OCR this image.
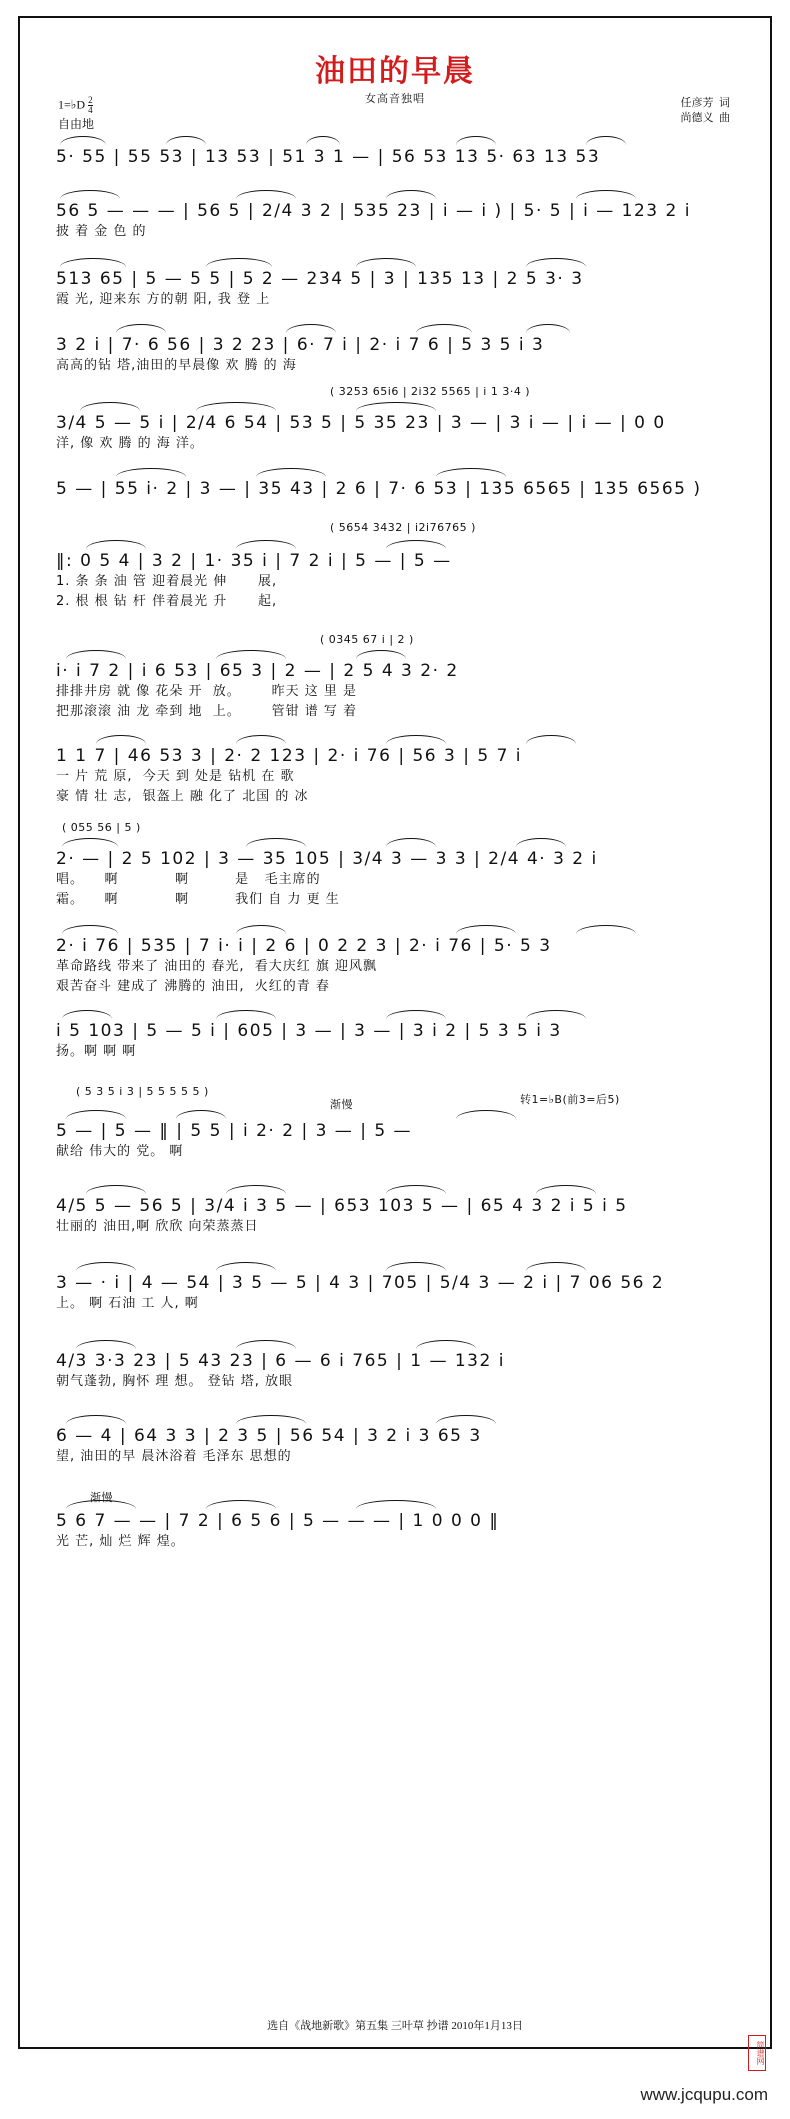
油田的早晨
女高音独唱
1=♭D $\frac{2}{4}$
自由地
任彦芳 词
尚德义 曲
5· 55 | 55 53 | 13 53 | 51 3 1 — | 56 53 13 5· 63 13 53
56 5 — — — | 56 5 | 2/4 3 2 | 535 23 | i — i ) | 5· 5 | i — 123 2 i
披 着 金 色 的
513 65 | 5 — 5 5 | 5 2 — 234 5 | 3 | 135 13 | 2 5 3· 3
霞 光, 迎来东 方的朝 阳, 我 登 上
3 2 i | 7· 6 56 | 3 2 23 | 6· 7 i | 2· i 7 6 | 5 3 5 i 3
高高的钻 塔,油田的早晨像 欢 腾 的 海
( 3253 65i6 | 2i32 5565 | i 1 3·4 )
3/4 5 — 5 i | 2/4 6 54 | 53 5 | 5 35 23 | 3 — | 3 i — | i — | 0 0
洋, 像 欢 腾 的 海 洋。
5 — | 55 i· 2 | 3 — | 35 43 | 2 6 | 7· 6 53 | 135 6565 | 135 6565 )
( 5654 3432 | i2i76765 )
‖: 0 5 4 | 3 2 | 1· 35 i | 7 2 i | 5 — | 5 —
1. 条 条 油 管 迎着晨光 伸      展,
2. 根 根 钻 杆 伴着晨光 升      起,
( 0345 67 i | 2 )
i· i 7 2 | i 6 53 | 65 3 | 2 — | 2 5 4 3 2· 2
排排井房 就 像 花朵 开  放。      昨天 这 里 是
把那滚滚 油 龙 牵到 地  上。      管钳 谱 写 着
1 1 7 | 46 53 3 | 2· 2 123 | 2· i 76 | 56 3 | 5 7 i
一 片 荒 原,  今天 到 处是 钻机 在 歌
豪 情 壮 志,  银盔上 融 化了 北国 的 冰
( 055 56 | 5 )
2· — | 2 5 102 | 3 — 35 105 | 3/4 3 — 3 3 | 2/4 4· 3 2 i
唱。    啊           啊         是   毛主席的
霜。    啊           啊         我们 自 力 更 生
2· i 76 | 535 | 7 i· i | 2 6 | 0 2 2 3 | 2· i 76 | 5· 5 3
革命路线 带来了 油田的 春光,  看大庆红 旗 迎风飘
艰苦奋斗 建成了 沸腾的 油田,  火红的青 春
i 5 103 | 5 — 5 i | 605 | 3 — | 3 — | 3 i 2 | 5 3 5 i 3
扬。啊 啊 啊
( 5 3 5 i 3 | 5 5 5 5 5 )
渐慢	转1=♭B(前3=后5)
5 — | 5 — ‖ | 5 5 | i 2· 2 | 3 — | 5 —
献给 伟大的 党。 啊
4/5 5 — 56 5 | 3/4 i 3 5 — | 653 103 5 — | 65 4 3 2 i 5 i 5
壮丽的 油田,啊 欣欣 向荣蒸蒸日
3 — · i | 4 — 54 | 3 5 — 5 | 4 3 | 705 | 5/4 3 — 2 i | 7 06 56 2
上。 啊 石油 工 人, 啊
4/3 3·3 23 | 5 43 23 | 6 — 6 i 765 | 1 — 132 i
朝气蓬勃, 胸怀 理 想。 登钻 塔, 放眼
6 — 4 | 64 3 3 | 2 3 5 | 56 54 | 3 2 i 3 65 3
望, 油田的早 晨沐浴着 毛泽东 思想的
渐慢
5 6 7 — — | 7 2 | 6 5 6 | 5 — — — | 1 0 0 0 ‖
光 芒, 灿 烂 辉 煌。
选自《战地新歌》第五集 三叶草 抄谱 2010年1月13日
www.jcqupu.com
简谱网
